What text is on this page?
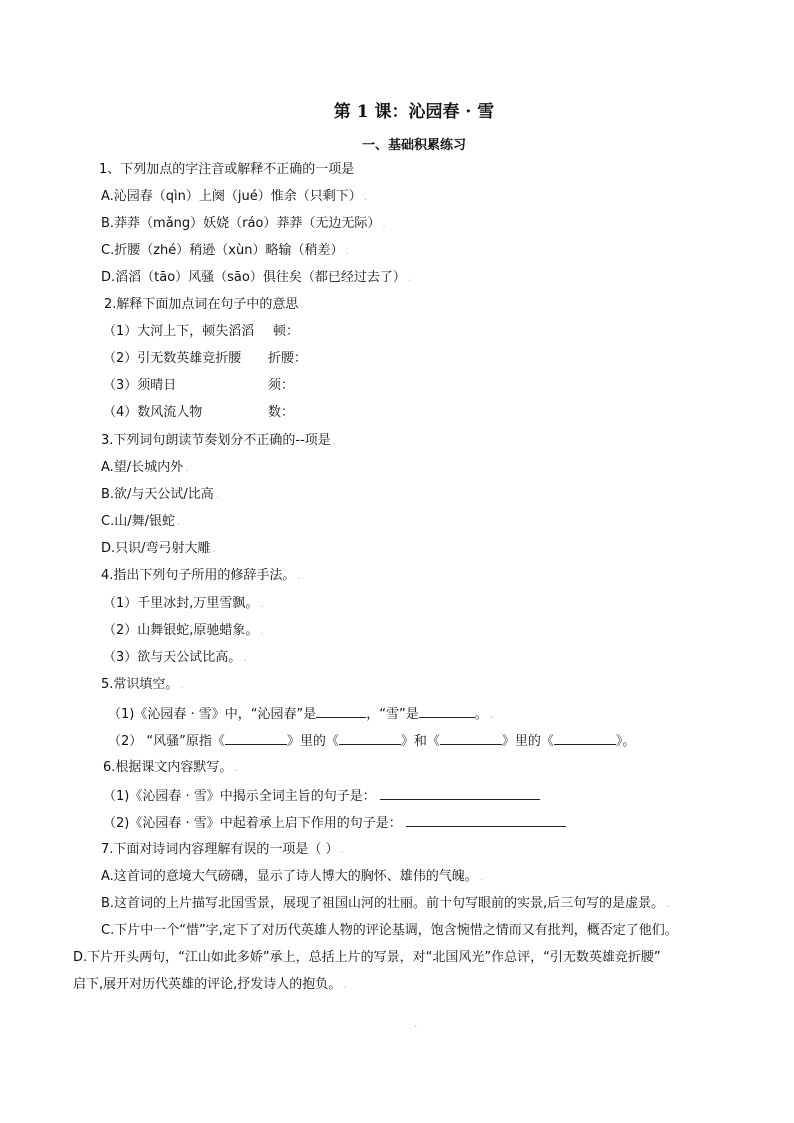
第 1 课：沁园春 · 雪
一、基础积累练习
1、下列加点的字注音或解释不正确的一项是
A.沁园春（qìn）上阕（jué）惟余（只剩下） .
B.莽莽（mǎng）妖娆（ráo）莽莽（无边无际） .
C.折腰（zhé）稍逊（xùn）略输（稍差） .
D.滔滔（tāo）风骚（sāo）俱往矣（都已经过去了） .
2.解释下面加点词在句子中的意思 .
（1）大河上下，顿失滔滔 顿：
（2）引无数英雄竞折腰 折腰：
（3）须晴日	须：
（4）数风流人物	数：
3.下列词句朗读节奏划分不正确的--项是 .
A.望/长城内外 .
B.欲/与天公试/比高 .
C.山/舞/银蛇 .
D.只识/弯弓射大雕 .
4.指出下列句子所用的修辞手法。 .
（1）千里冰封,万里雪飘。 .
（2）山舞银蛇,原驰蜡象。 .
（3）欲与天公试比高。 .
5.常识填空。 .
（1)《沁园春 · 雪》中，“沁园春”是	，“雪”是	。 .
（2） “风骚”原指《	》里的《	》和《	》里的《	》。
6.根据课文内容默写。 .
（1)《沁园春 · 雪》中揭示全词主旨的句子是：
（2)《沁园春 · 雪》中起着承上启下作用的句子是：
7.下面对诗词内容理解有误的一项是（ ） .
A.这首词的意境大气磅礴，显示了诗人博大的胸怀、雄伟的气魄。 .
B.这首词的上片描写北国雪景，展现了祖国山河的壮丽。前十句写眼前的实景,后三句写的是虚景。 .
C.下片中一个“惜”字,定下了对历代英雄人物的评论基调，饱含惋惜之情而又有批判，概否定了他们。
D.下片开头两句，“江山如此多娇”承上，总括上片的写景，对“北国风光”作总评，“引无数英雄竞折腰”
启下,展开对历代英雄的评论,抒发诗人的抱负。 .
·
